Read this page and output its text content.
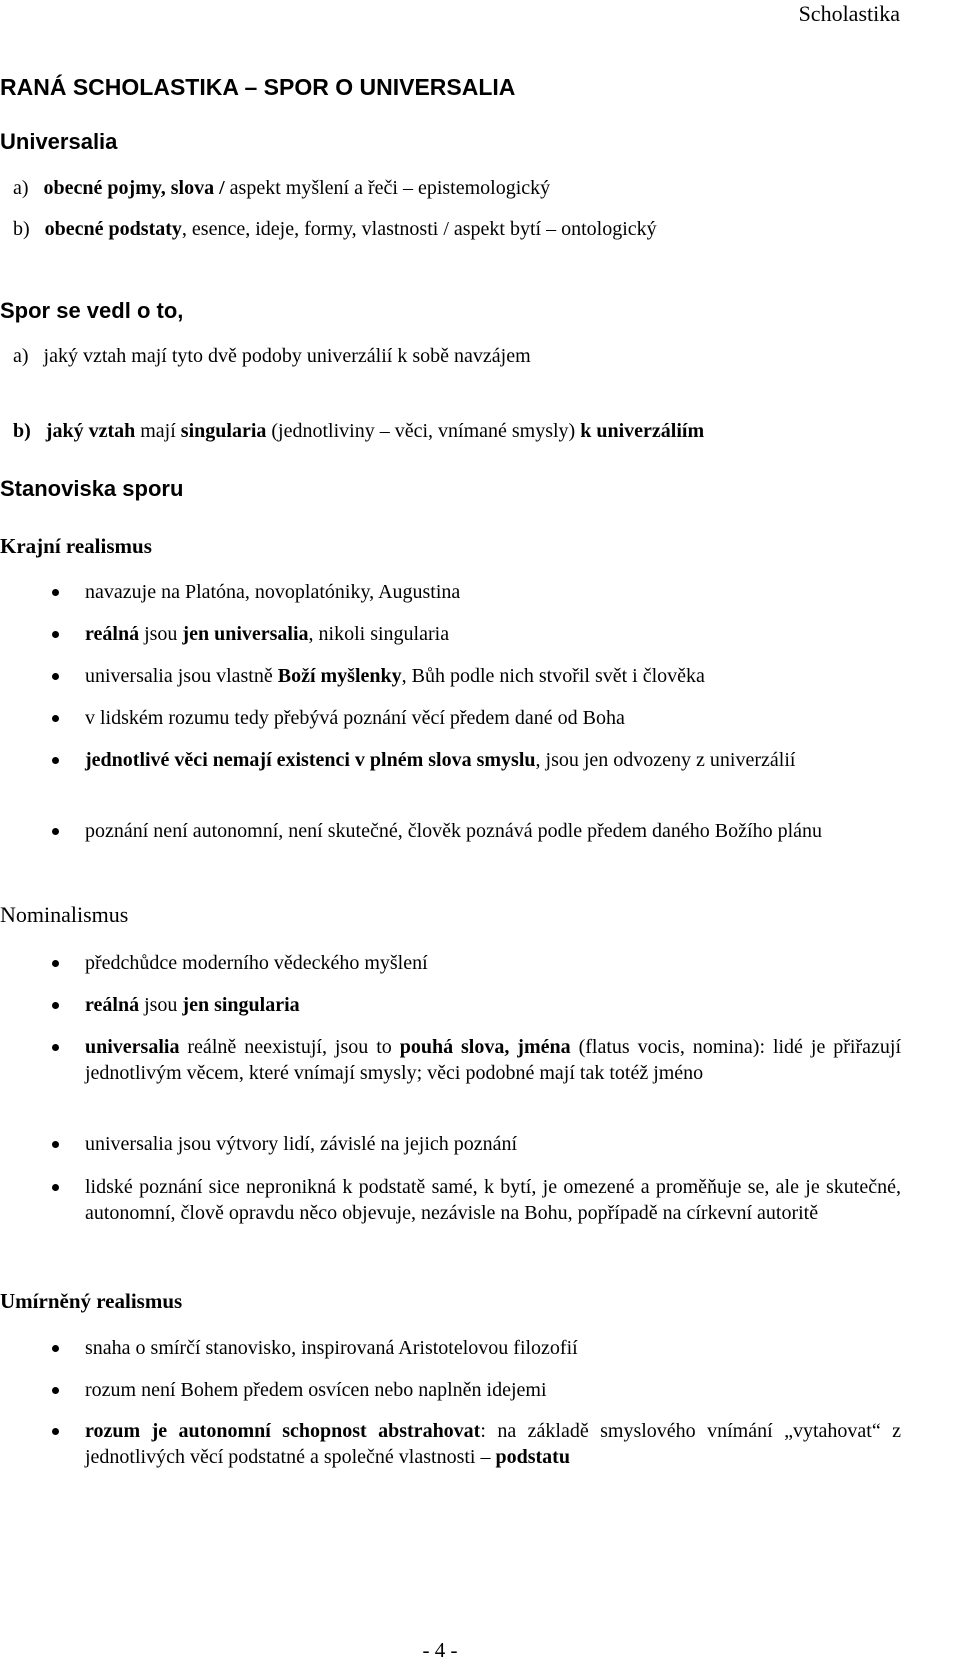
Scholastika
RANÁ SCHOLASTIKA – SPOR O UNIVERSALIA
Universalia
a) obecné pojmy, slova / aspekt myšlení a řeči – epistemologický
b) obecné podstaty, esence, ideje, formy, vlastnosti / aspekt bytí – ontologický
Spor se vedl o to,
a) jaký vztah mají tyto dvě podoby univerzálií k sobě navzájem
b) jaký vztah mají singularia (jednotliviny – věci, vnímané smysly) k univerzáliím
Stanoviska sporu
Krajní realismus
navazuje na Platóna, novoplatóniky, Augustina
reálná jsou jen universalia, nikoli singularia
universalia jsou vlastně Boží myšlenky, Bůh podle nich stvořil svět i člověka
v lidském rozumu tedy přebývá poznání věcí předem dané od Boha
jednotlivé věci nemají existenci v plném slova smyslu, jsou jen odvozeny z univerzálií
poznání není autonomní, není skutečné, člověk poznává podle předem daného Božího plánu
Nominalismus
předchůdce moderního vědeckého myšlení
reálná jsou jen singularia
universalia reálně neexistují, jsou to pouhá slova, jména (flatus vocis, nomina): lidé je přiřazují jednotlivým věcem, které vnímají smysly; věci podobné mají tak totéž jméno
universalia jsou výtvory lidí, závislé na jejich poznání
lidské poznání sice nepronikná k podstatě samé, k bytí, je omezené a proměňuje se, ale je skutečné, autonomní, člově opravdu něco objevuje, nezávisle na Bohu, popřípadě na církevní autoritě
Umírněný realismus
snaha o smírčí stanovisko, inspirovaná Aristotelovou filozofií
rozum není Bohem předem osvícen nebo naplněn idejemi
rozum je autonomní schopnost abstrahovat: na základě smyslového vnímání „vytahovat“ z jednotlivých věcí podstatné a společné vlastnosti – podstatu
- 4 -
